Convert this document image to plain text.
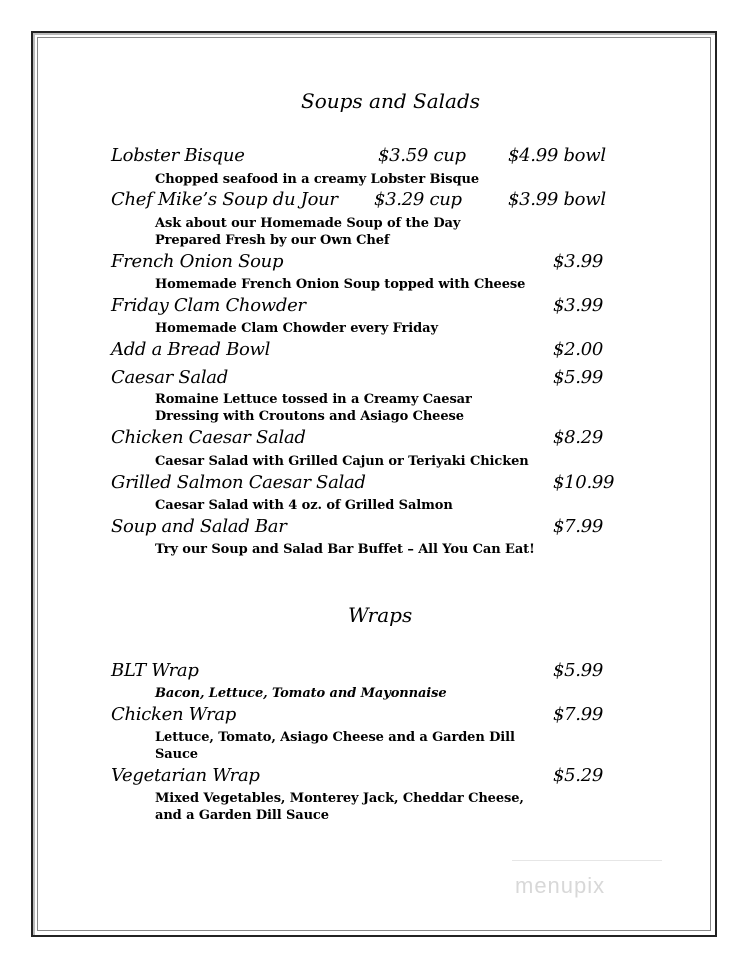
Soups and Salads
Lobster Bisque	$3.59 cup $4.99 bowl
Chopped seafood in a creamy Lobster Bisque
Chef Mike’s Soup du Jour $3.29 cup	$3.99 bowl
Ask about our Homemade Soup of the Day
Prepared Fresh by our Own Chef
French Onion Soup	$3.99
Homemade French Onion Soup topped with Cheese
Friday Clam Chowder	$3.99
Homemade Clam Chowder every Friday
Add a Bread Bowl	$2.00
Caesar Salad	$5.99
Romaine Lettuce tossed in a Creamy Caesar
Dressing with Croutons and Asiago Cheese
Chicken Caesar Salad	$8.29
Caesar Salad with Grilled Cajun or Teriyaki Chicken
Grilled Salmon Caesar Salad	$10.99
Caesar Salad with 4 oz. of Grilled Salmon
Soup and Salad Bar	$7.99
Try our Soup and Salad Bar Buffet – All You Can Eat!
Wraps
BLT Wrap	$5.99
Bacon, Lettuce, Tomato and Mayonnaise
Chicken Wrap	$7.99
Lettuce, Tomato, Asiago Cheese and a Garden Dill
Sauce
Vegetarian Wrap	$5.29
Mixed Vegetables, Monterey Jack, Cheddar Cheese,
and a Garden Dill Sauce
menupix
